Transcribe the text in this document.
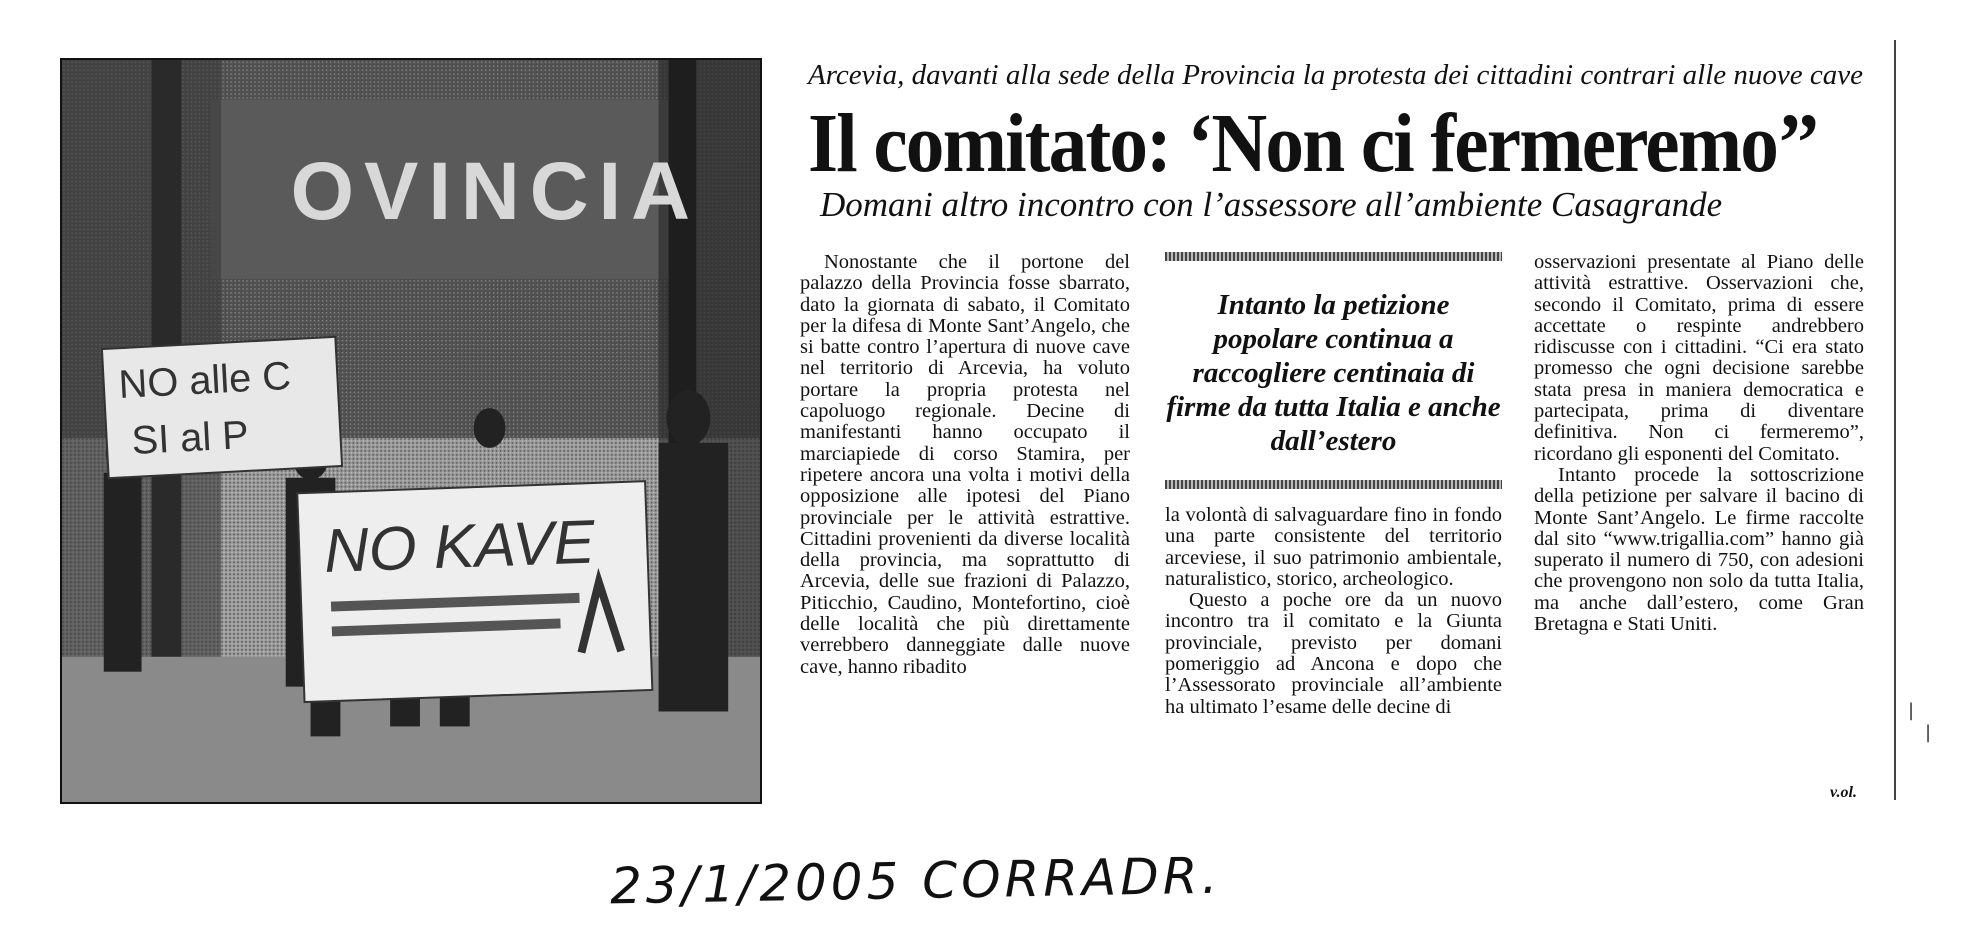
OVINCIA
NO alle C
SI al P
NO KAVE
Arcevia, davanti alla sede della Provincia la protesta dei cittadini contrari alle nuove cave
Il comitato: ‘Non ci fermeremo’’
Domani altro incontro con l’assessore all’ambiente Casagrande

Nonostante che il portone del palazzo della Provincia fosse sbarrato, dato la giornata di sabato, il Comitato per la difesa di Monte Sant’Angelo, che si batte contro l’apertura di nuove cave nel territorio di Arcevia, ha voluto portare la propria protesta nel capoluogo regionale. Decine di manifestanti hanno occupato il marciapiede di corso Stamira, per ripetere ancora una volta i motivi della opposizione alle ipotesi del Piano provinciale per le attività estrattive. Cittadini provenienti da diverse località della provincia, ma soprattutto di Arcevia, delle sue frazioni di Palazzo, Piticchio, Caudino, Montefortino, cioè delle località che più direttamente verrebbero danneggiate dalle nuove cave, hanno ribadito

Intanto la petizione popolare continua a raccogliere centinaia di firme da tutta Italia e anche dall’estero

la volontà di salvaguardare fino in fondo una parte consistente del territorio arceviese, il suo patrimonio ambientale, naturalistico, storico, archeologico.

Questo a poche ore da un nuovo incontro tra il comitato e la Giunta provinciale, previsto per domani pomeriggio ad Ancona e dopo che l’Assessorato provinciale all’ambiente ha ultimato l’esame delle decine di

osservazioni presentate al Piano delle attività estrattive. Osservazioni che, secondo il Comitato, prima di essere accettate o respinte andrebbero ridiscusse con i cittadini. “Ci era stato promesso che ogni decisione sarebbe stata presa in maniera democratica e partecipata, prima di diventare definitiva. Non ci fermeremo”, ricordano gli esponenti del Comitato.

Intanto procede la sottoscrizione della petizione per salvare il bacino di Monte Sant’Angelo. Le firme raccolte dal sito “www.trigallia.com” hanno già superato il numero di 750, con adesioni che provengono non solo da tutta Italia, ma anche dall’estero, come Gran Bretagna e Stati Uniti.

v.ol.
23/1/2005 CORRADR.
|
|
